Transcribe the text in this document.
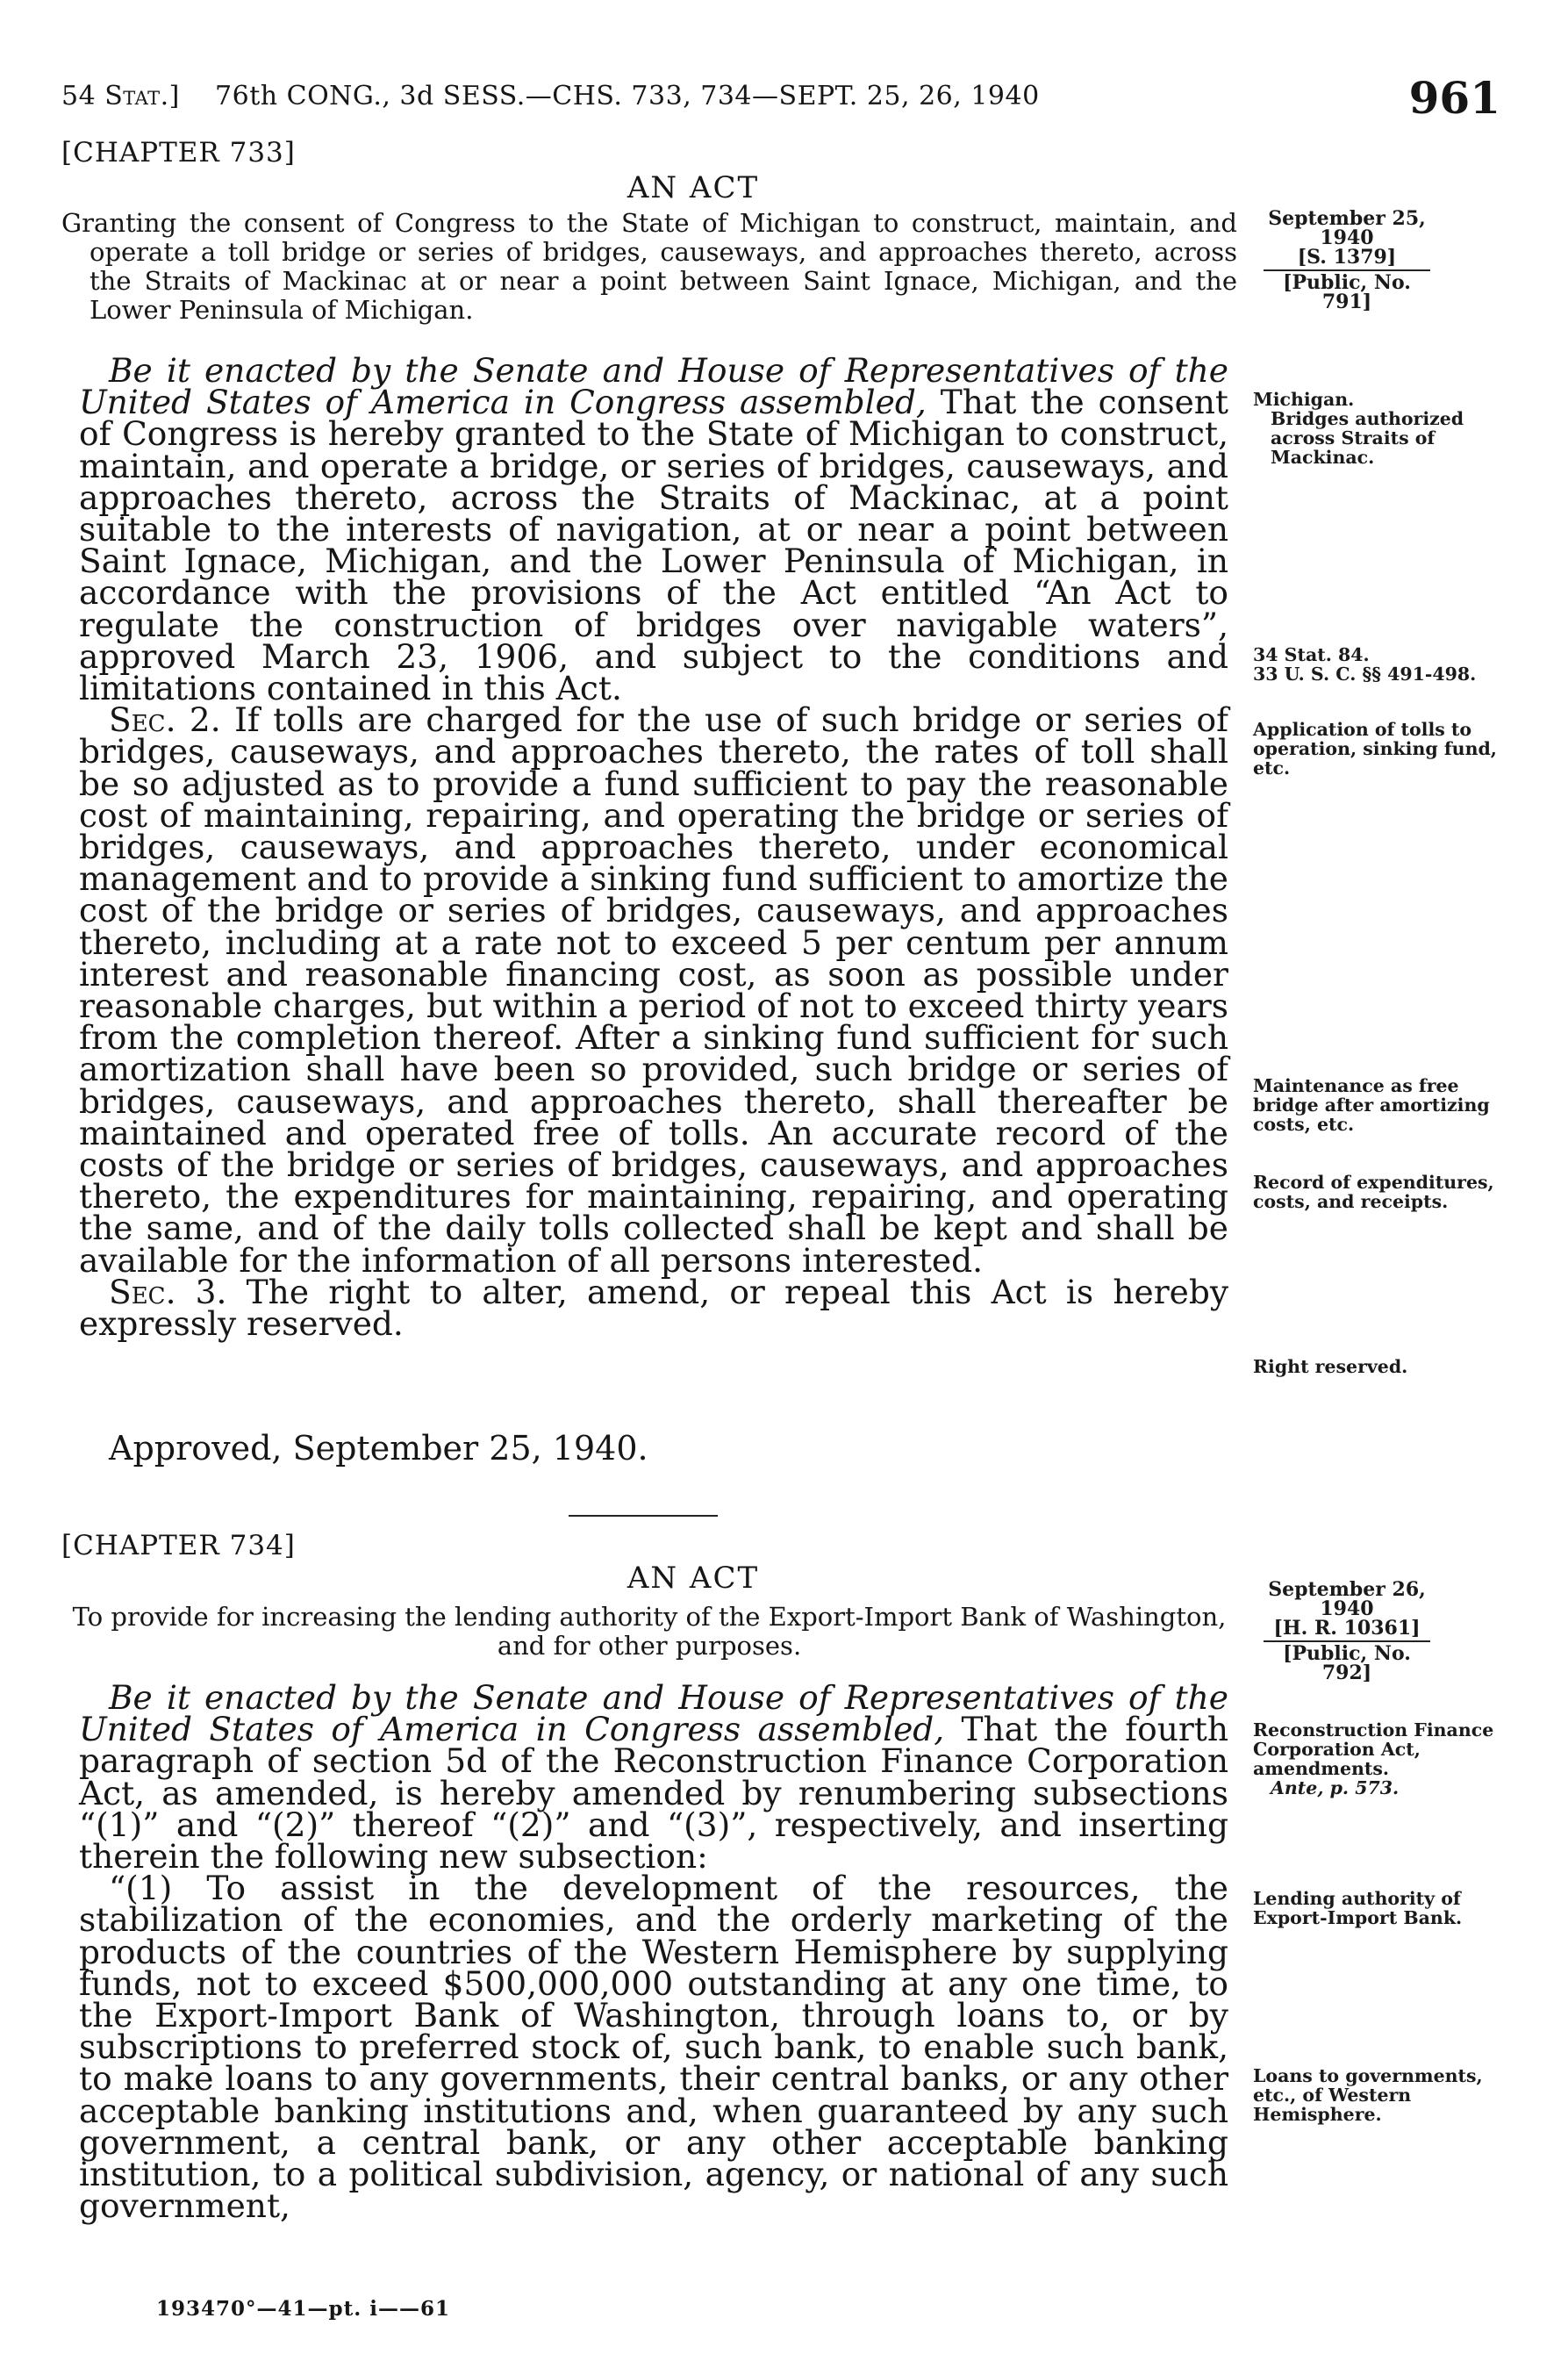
54 Stat.] 76th CONG., 3d SESS.—CHS. 733, 734—SEPT. 25, 26, 1940	961
[CHAPTER 733]
AN ACT
Granting the consent of Congress to the State of Michigan to construct, maintain, and operate a toll bridge or series of bridges, causeways, and approaches thereto, across the Straits of Mackinac at or near a point between Saint Ignace, Michigan, and the Lower Peninsula of Michigan.
September 25, 1940
[S. 1379]
[Public, No. 791]

Be it enacted by the Senate and House of Representatives of the United States of America in Congress assembled, That the consent of Congress is hereby granted to the State of Michigan to construct, maintain, and operate a bridge, or series of bridges, causeways, and approaches thereto, across the Straits of Mackinac, at a point suitable to the interests of navigation, at or near a point between Saint Ignace, Michigan, and the Lower Peninsula of Michigan, in accordance with the provisions of the Act entitled “An Act to regulate the construction of bridges over navigable waters”, approved March 23, 1906, and subject to the conditions and limitations contained in this Act.

Sec. 2. If tolls are charged for the use of such bridge or series of bridges, causeways, and approaches thereto, the rates of toll shall be so adjusted as to provide a fund sufficient to pay the reasonable cost of maintaining, repairing, and operating the bridge or series of bridges, causeways, and approaches thereto, under economical management and to provide a sinking fund sufficient to amortize the cost of the bridge or series of bridges, causeways, and approaches thereto, including at a rate not to exceed 5 per centum per annum interest and reasonable financing cost, as soon as possible under reasonable charges, but within a period of not to exceed thirty years from the completion thereof. After a sinking fund sufficient for such amortization shall have been so provided, such bridge or series of bridges, causeways, and approaches thereto, shall thereafter be maintained and operated free of tolls. An accurate record of the costs of the bridge or series of bridges, causeways, and approaches thereto, the expenditures for maintaining, repairing, and operating the same, and of the daily tolls collected shall be kept and shall be available for the information of all persons interested.

Sec. 3. The right to alter, amend, or repeal this Act is hereby expressly reserved.

Approved, September 25, 1940.
Michigan.
Bridges authorized across Straits of Mackinac.
34 Stat. 84.
33 U. S. C. §§ 491-498.
Application of tolls to operation, sinking fund, etc.
Maintenance as free bridge after amortizing costs, etc.
Record of expenditures, costs, and receipts.
Right reserved.
[CHAPTER 734]
AN ACT
To provide for increasing the lending authority of the Export-Import Bank of Washington, and for other purposes.
September 26, 1940
[H. R. 10361]
[Public, No. 792]

Be it enacted by the Senate and House of Representatives of the United States of America in Congress assembled, That the fourth paragraph of section 5d of the Reconstruction Finance Corporation Act, as amended, is hereby amended by renumbering subsections “(1)” and “(2)” thereof “(2)” and “(3)”, respectively, and inserting therein the following new subsection:

“(1) To assist in the development of the resources, the stabilization of the economies, and the orderly marketing of the products of the countries of the Western Hemisphere by supplying funds, not to exceed $500,000,000 outstanding at any one time, to the Export-Import Bank of Washington, through loans to, or by subscriptions to preferred stock of, such bank, to enable such bank, to make loans to any governments, their central banks, or any other acceptable banking institutions and, when guaranteed by any such government, a central bank, or any other acceptable banking institution, to a political subdivision, agency, or national of any such government,

Reconstruction Finance Corporation Act, amendments.
Ante, p. 573.
Lending authority of Export-Import Bank.
Loans to governments, etc., of Western Hemisphere.
193470°—41—pt. i——61
